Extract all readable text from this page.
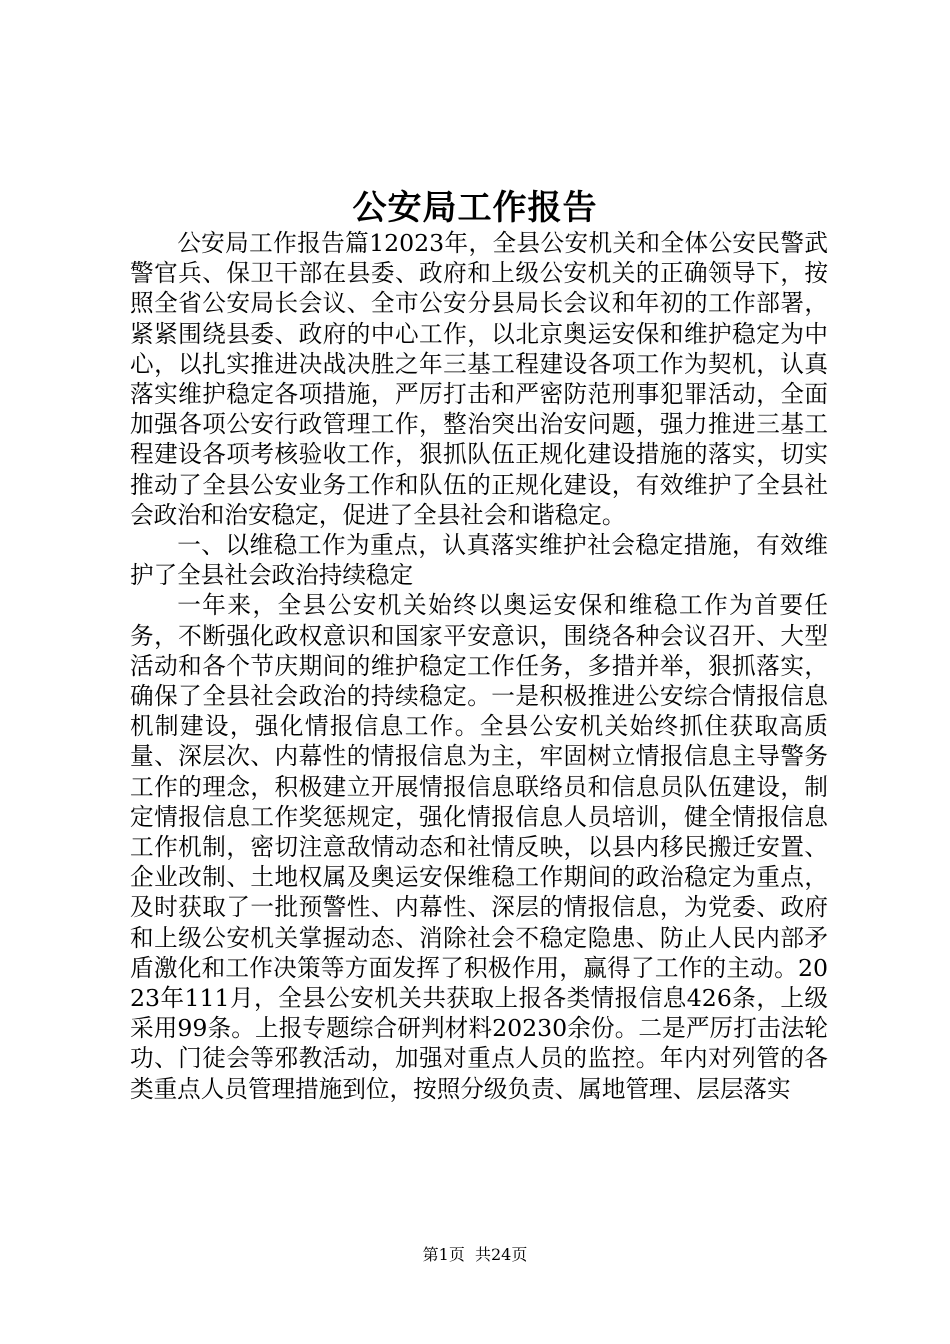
公安局工作报告

公安局工作报告篇12023年，全县公安机关和全体公安民警武警官兵、保卫干部在县委、政府和上级公安机关的正确领导下，按照全省公安局长会议、全市公安分县局长会议和年初的工作部署，紧紧围绕县委、政府的中心工作，以北京奥运安保和维护稳定为中心，以扎实推进决战决胜之年三基工程建设各项工作为契机，认真落实维护稳定各项措施，严厉打击和严密防范刑事犯罪活动，全面加强各项公安行政管理工作，整治突出治安问题，强力推进三基工程建设各项考核验收工作，狠抓队伍正规化建设措施的落实，切实推动了全县公安业务工作和队伍的正规化建设，有效维护了全县社会政治和治安稳定，促进了全县社会和谐稳定。

一、以维稳工作为重点，认真落实维护社会稳定措施，有效维护了全县社会政治持续稳定

一年来，全县公安机关始终以奥运安保和维稳工作为首要任务，不断强化政权意识和国家平安意识，围绕各种会议召开、大型活动和各个节庆期间的维护稳定工作任务，多措并举，狠抓落实，确保了全县社会政治的持续稳定。一是积极推进公安综合情报信息机制建设，强化情报信息工作。全县公安机关始终抓住获取高质量、深层次、内幕性的情报信息为主，牢固树立情报信息主导警务工作的理念，积极建立开展情报信息联络员和信息员队伍建设，制定情报信息工作奖惩规定，强化情报信息人员培训，健全情报信息工作机制，密切注意敌情动态和社情反映，以县内移民搬迁安置、企业改制、土地权属及奥运安保维稳工作期间的政治稳定为重点，及时获取了一批预警性、内幕性、深层的情报信息，为党委、政府和上级公安机关掌握动态、消除社会不稳定隐患、防止人民内部矛盾激化和工作决策等方面发挥了积极作用，赢得了工作的主动。2023年111月，全县公安机关共获取上报各类情报信息426条，上级采用99条。上报专题综合研判材料20230余份。二是严厉打击法轮功、门徒会等邪教活动，加强对重点人员的监控。年内对列管的各类重点人员管理措施到位，按照分级负责、属地管理、层层落实

第1页  共24页
